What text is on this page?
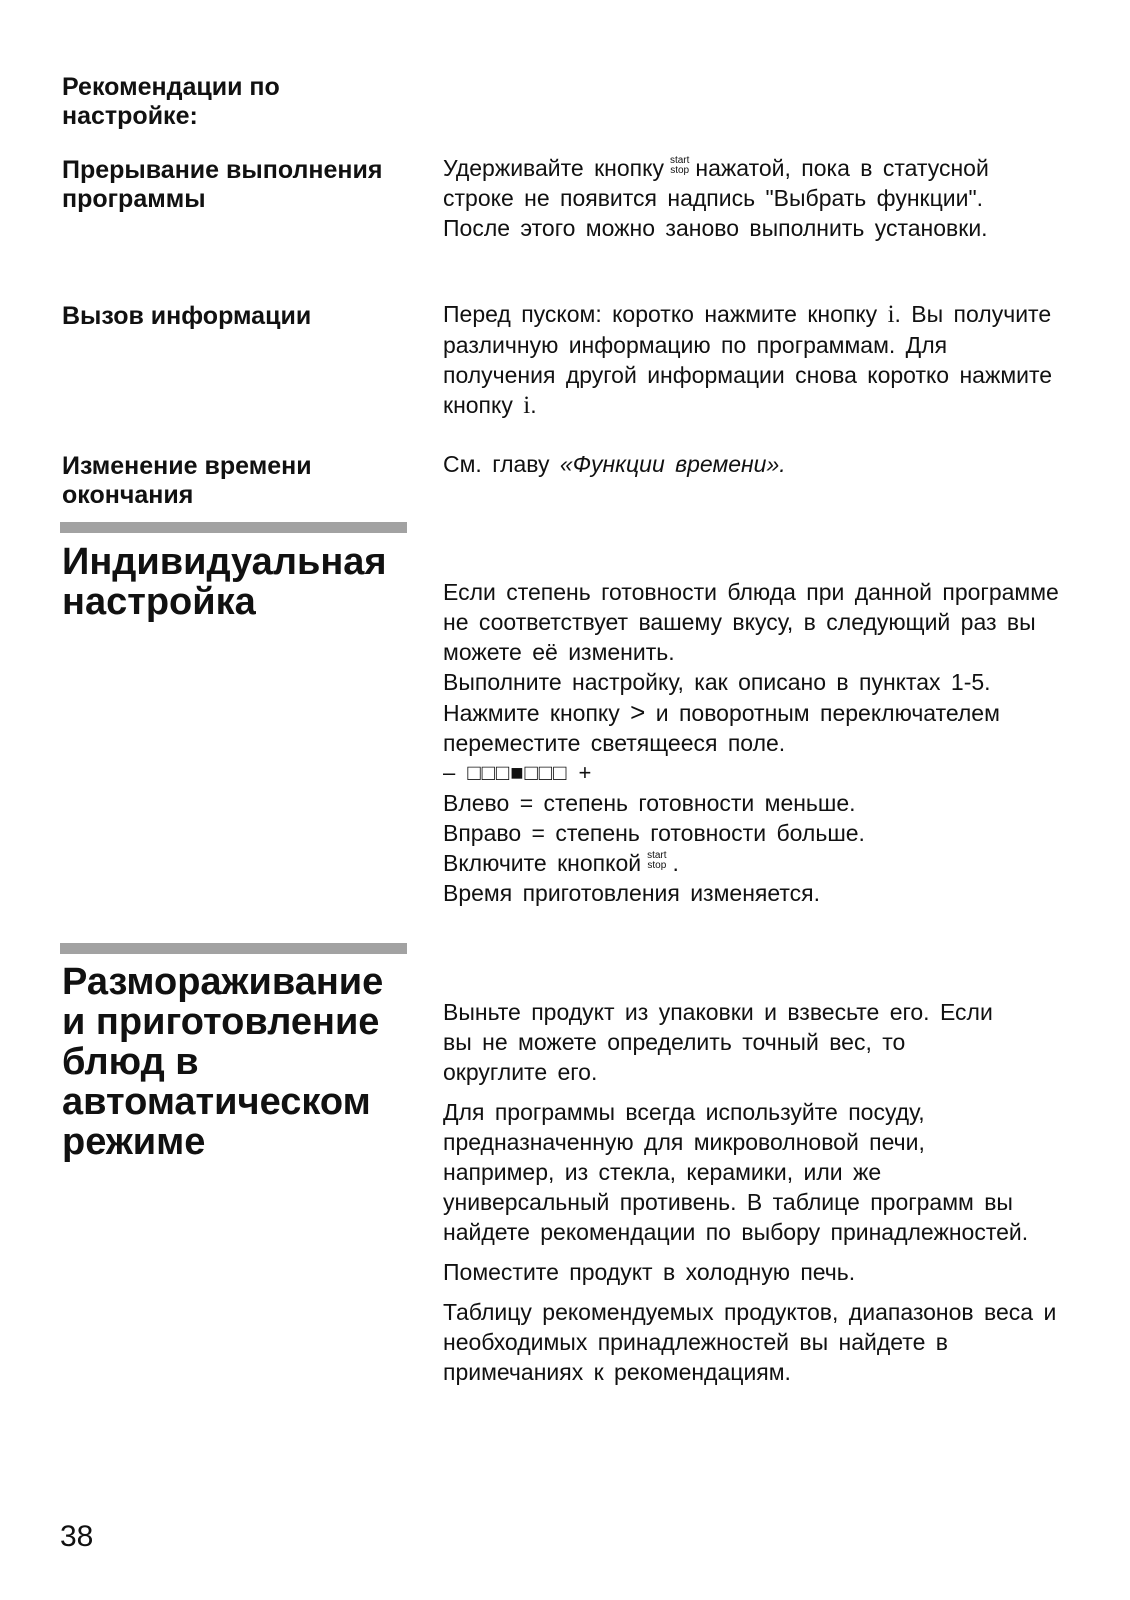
Рекомендации по настройке:
Прерывание выполнения программы

Удерживайте кнопку start
stop нажатой, пока в статусной строке не появится надпись "Выбрать функции". После этого можно заново выполнить установки.

Вызов информации	Перед пуском: коротко нажмите кнопку i. Вы получите различную информацию по программам. Для получения другой информации снова коротко нажмите кнопку i.

Изменение времени окончания

См. главу «Функции времени».

Индивидуальная настройка	Если степень готовности блюда при данной программе не соответствует вашему вкусу, в следующий раз вы можете её изменить.

Выполните настройку, как описано в пунктах 1-5.

Нажмите кнопку > и поворотным переключателем переместите светящееся поле.

– □□□■□□□ +

Влево = степень готовности меньше.

Вправо = степень готовности больше.

Включите кнопкой start
stop .

Время приготовления изменяется.

Размораживание и приготовление блюд в автоматическом режиме

Выньте продукт из упаковки и взвесьте его. Если вы не можете определить точный вес, то округлите его.

Для программы всегда используйте посуду, предназначенную для микроволновой печи, например, из стекла, керамики, или же универсальный противень. В таблице программ вы найдете рекомендации по выбору принадлежностей.

Поместите продукт в холодную печь.

Таблицу рекомендуемых продуктов, диапазонов веса и необходимых принадлежностей вы найдете в примечаниях к рекомендациям.

38
